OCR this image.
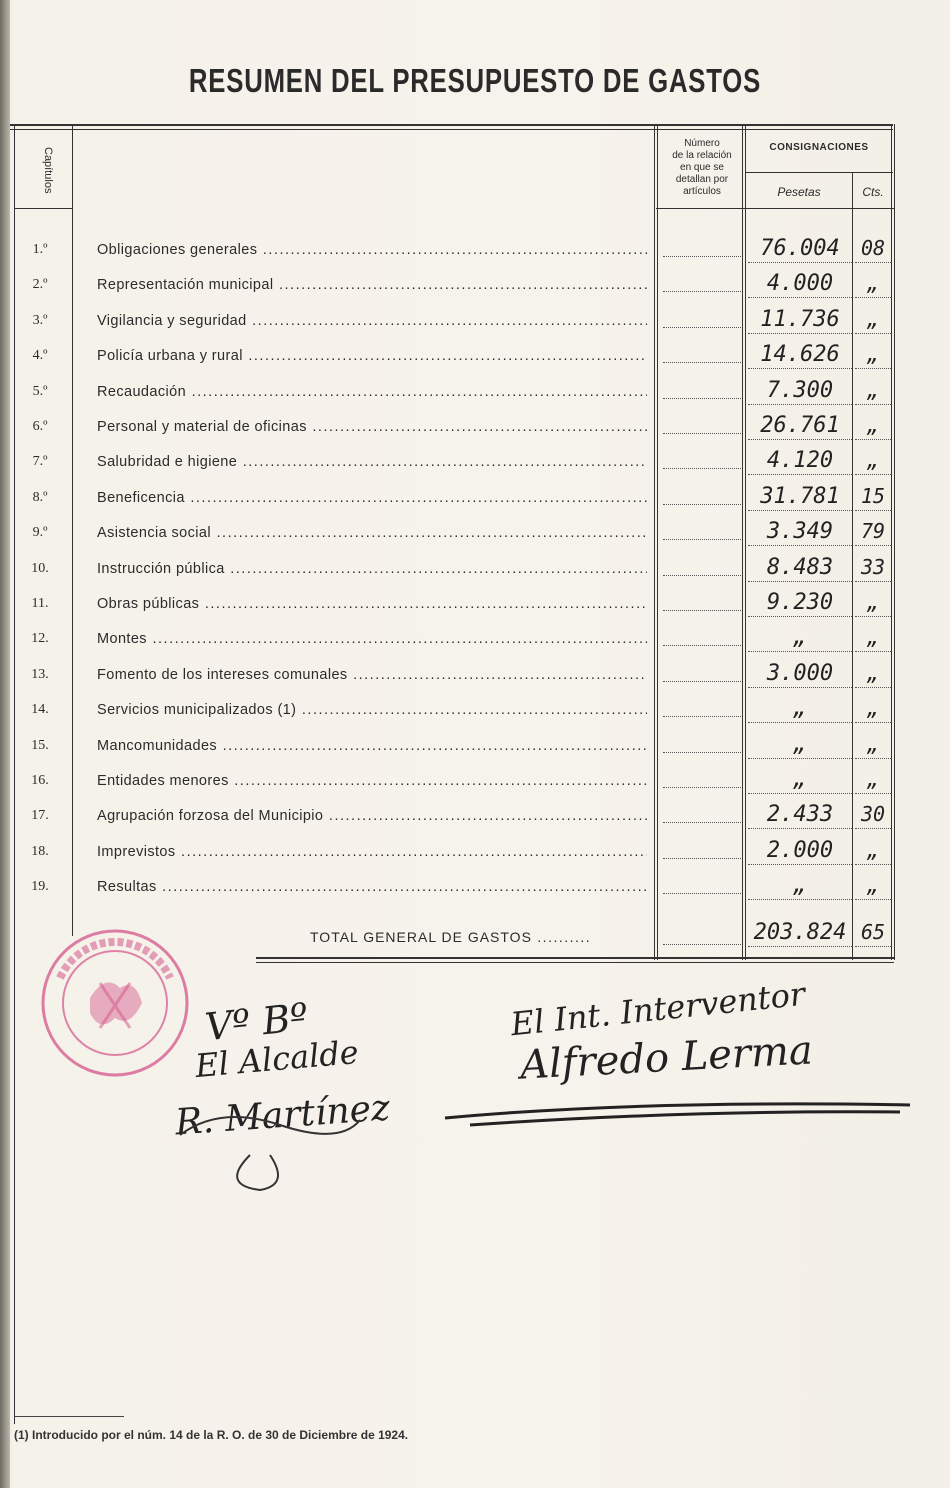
RESUMEN DEL PRESUPUESTO DE GASTOS
Capítulos
Número
de la relación
en que se
detallan por
artículos
CONSIGNACIONES
Pesetas	Cts.
1.º	Obligaciones generales .....	76.004	08
2.º	Representación municipal .....	4.000	„
3.º	Vigilancia y seguridad .....	11.736	„
4.º	Policía urbana y rural .....	14.626	„
5.º	Recaudación .....	7.300	„
6.º	Personal y material de oficinas .....	26.761	„
7.º	Salubridad e higiene .....	4.120	„
8.º	Beneficencia .....	31.781	15
9.º	Asistencia social .....	3.349	79
10.	Instrucción pública .....	8.483	33
11.	Obras públicas .....	9.230	„
12.	Montes .....	„	„
13.	Fomento de los intereses comunales .....	3.000	„
14.	Servicios municipalizados (1) .....	„	„
15.	Mancomunidades .....	„	„
16.	Entidades menores .....	„	„
17.	Agrupación forzosa del Municipio .....	2.433	30
18.	Imprevistos .....	2.000	„
19.	Resultas .....	„	„
TOTAL GENERAL DE GASTOS .....	203.824 65
Vº Bº
El Alcalde
R. Martínez
El Int. Interventor
Alfredo Lerma
(1) Introducido por el núm. 14 de la R. O. de 30 de Diciembre de 1924.
